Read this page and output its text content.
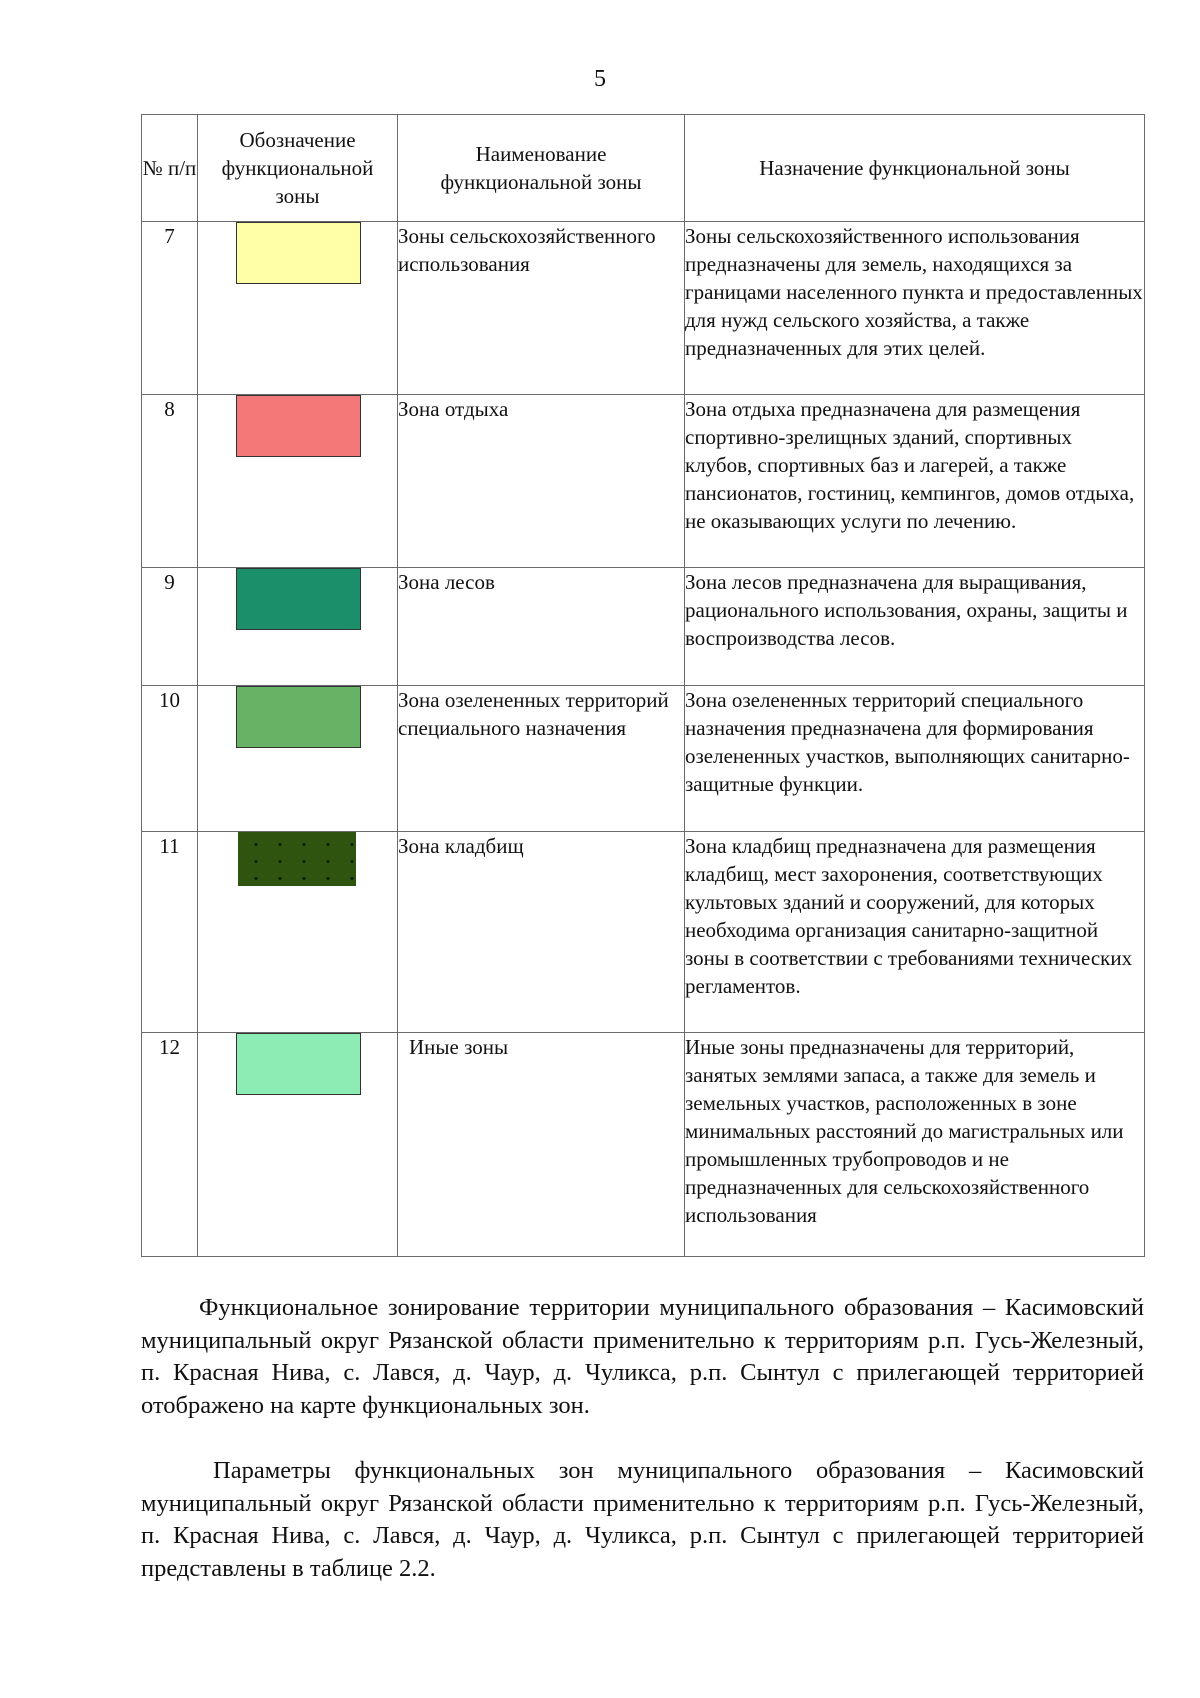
5
№ п/п	Обозначение функциональной зоны	Наименование функциональной зоны	Назначение функциональной зоны
7		Зоны сельскохозяйственного использования	Зоны сельскохозяйственного использования предназначены для земель, находящихся за границами населенного пункта и предоставленных для нужд сельского хозяйства, а также предназначенных для этих целей.
8		Зона отдыха	Зона отдыха предназначена для размещения спортивно-зрелищных зданий, спортивных клубов, спортивных баз и лагерей, а также пансионатов, гостиниц, кемпингов, домов отдыха, не оказывающих услуги по лечению.
9		Зона лесов	Зона лесов предназначена для выращивания, рационального использования, охраны, защиты и воспроизводства лесов.
10		Зона озелененных территорий специального назначения	Зона озелененных территорий специального назначения предназначена для формирования озелененных участков, выполняющих санитарно-защитные функции.
11		Зона кладбищ	Зона кладбищ предназначена для размещения кладбищ, мест захоронения, соответствующих культовых зданий и сооружений, для которых необходима организация санитарно-защитной зоны в соответствии с требованиями технических регламентов.
12		Иные зоны	Иные зоны предназначены для территорий, занятых землями запаса, а также для земель и земельных участков, расположенных в зоне минимальных расстояний до магистральных или промышленных трубопроводов и не предназначенных для сельскохозяйственного использования

Функциональное зонирование территории муниципального образования – Касимовский муниципальный округ Рязанской области применительно к территориям р.п. Гусь-Железный, п. Красная Нива, с. Лався, д. Чаур, д. Чуликса, р.п. Сынтул с прилегающей территорией отображено на карте функциональных зон.

Параметры функциональных зон муниципального образования – Касимовский муниципальный округ Рязанской области применительно к территориям р.п. Гусь-Железный, п. Красная Нива, с. Лався, д. Чаур, д. Чуликса, р.п. Сынтул с прилегающей территорией представлены в таблице 2.2.
